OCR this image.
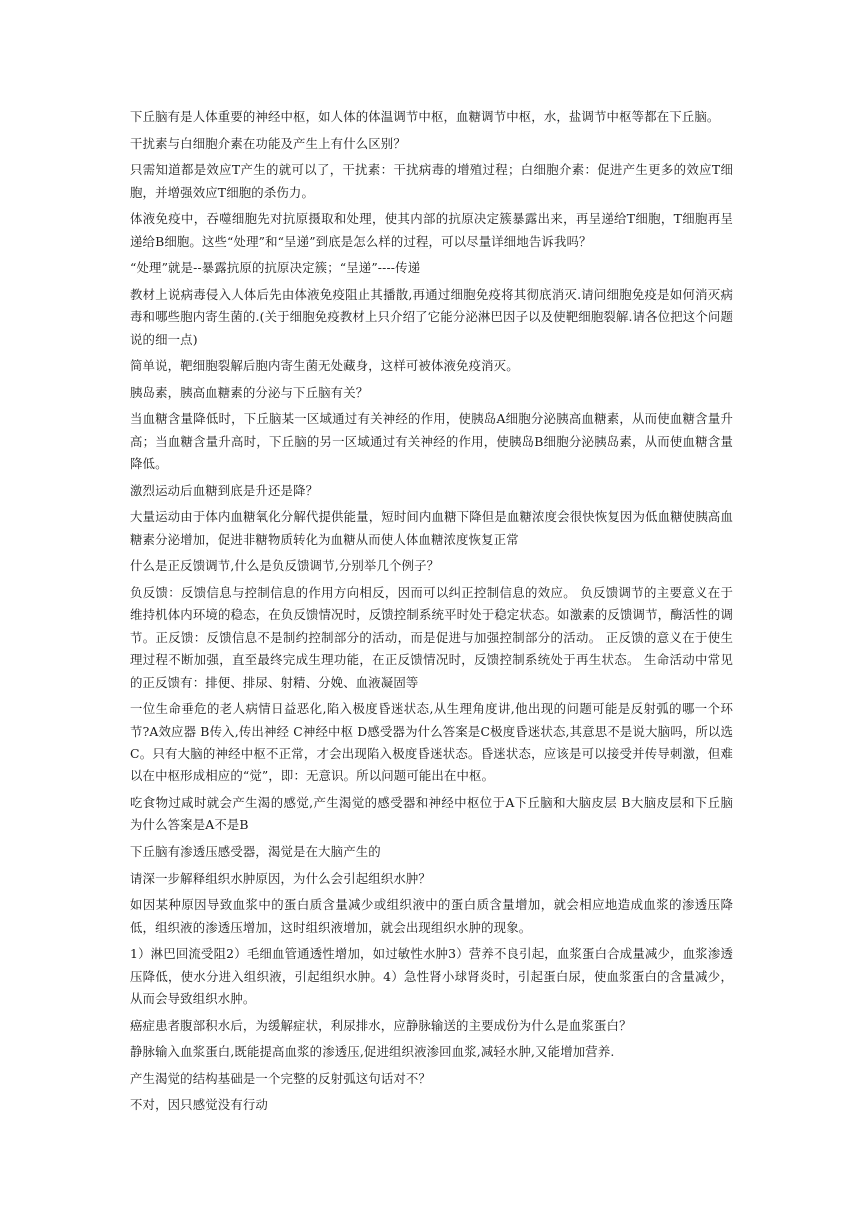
下丘脑有是人体重要的神经中枢，如人体的体温调节中枢，血糖调节中枢，水，盐调节中枢等都在下丘脑。

干扰素与白细胞介素在功能及产生上有什么区别？

只需知道都是效应T产生的就可以了，干扰素：干扰病毒的增殖过程；白细胞介素：促进产生更多的效应T细胞，并增强效应T细胞的杀伤力。

体液免疫中，吞噬细胞先对抗原摄取和处理，使其内部的抗原决定簇暴露出来，再呈递给T细胞，T细胞再呈递给B细胞。这些“处理”和“呈递”到底是怎么样的过程，可以尽量详细地告诉我吗？

“处理”就是--暴露抗原的抗原决定簇；“呈递”----传递

教材上说病毒侵入人体后先由体液免疫阻止其播散,再通过细胞免疫将其彻底消灭.请问细胞免疫是如何消灭病毒和哪些胞内寄生菌的.(关于细胞免疫教材上只介绍了它能分泌淋巴因子以及使靶细胞裂解.请各位把这个问题说的细一点)

简单说，靶细胞裂解后胞内寄生菌无处藏身，这样可被体液免疫消灭。

胰岛素，胰高血糖素的分泌与下丘脑有关？

当血糖含量降低时，下丘脑某一区域通过有关神经的作用，使胰岛A细胞分泌胰高血糖素，从而使血糖含量升高；当血糖含量升高时，下丘脑的另一区域通过有关神经的作用，使胰岛B细胞分泌胰岛素，从而使血糖含量降低。

激烈运动后血糖到底是升还是降？

大量运动由于体内血糖氧化分解代提供能量，短时间内血糖下降但是血糖浓度会很快恢复因为低血糖使胰高血糖素分泌增加，促进非糖物质转化为血糖从而使人体血糖浓度恢复正常

什么是正反馈调节,什么是负反馈调节,分别举几个例子？

负反馈：反馈信息与控制信息的作用方向相反，因而可以纠正控制信息的效应。 负反馈调节的主要意义在于维持机体内环境的稳态，在负反馈情况时，反馈控制系统平时处于稳定状态。如激素的反馈调节，酶活性的调节。正反馈：反馈信息不是制约控制部分的活动，而是促进与加强控制部分的活动。 正反馈的意义在于使生理过程不断加强，直至最终完成生理功能，在正反馈情况时，反馈控制系统处于再生状态。 生命活动中常见的正反馈有：排便、排尿、射精、分娩、血液凝固等

一位生命垂危的老人病情日益恶化,陷入极度昏迷状态,从生理角度讲,他出现的问题可能是反射弧的哪一个环节?A效应器 B传入,传出神经 C神经中枢 D感受器为什么答案是C极度昏迷状态,其意思不是说大脑吗，所以选C。只有大脑的神经中枢不正常，才会出现陷入极度昏迷状态。昏迷状态，应该是可以接受并传导刺激，但难以在中枢形成相应的“觉”，即：无意识。所以问题可能出在中枢。

吃食物过咸时就会产生渴的感觉,产生渴觉的感受器和神经中枢位于A下丘脑和大脑皮层 B大脑皮层和下丘脑    为什么答案是A不是B

下丘脑有渗透压感受器，渴觉是在大脑产生的

请深一步解释组织水肿原因，为什么会引起组织水肿？

如因某种原因导致血浆中的蛋白质含量减少或组织液中的蛋白质含量增加，就会相应地造成血浆的渗透压降低，组织液的渗透压增加，这时组织液增加，就会出现组织水肿的现象。

1）淋巴回流受阻2）毛细血管通透性增加，如过敏性水肿3）营养不良引起，血浆蛋白合成量减少，血浆渗透压降低，使水分进入组织液，引起组织水肿。4）急性肾小球肾炎时，引起蛋白尿，使血浆蛋白的含量减少，从而会导致组织水肿。

癌症患者腹部积水后，为缓解症状，利尿排水，应静脉输送的主要成份为什么是血浆蛋白？

静脉输入血浆蛋白,既能提高血浆的渗透压,促进组织液渗回血浆,减轻水肿,又能增加营养.

产生渴觉的结构基础是一个完整的反射弧这句话对不？

不对，因只感觉没有行动
